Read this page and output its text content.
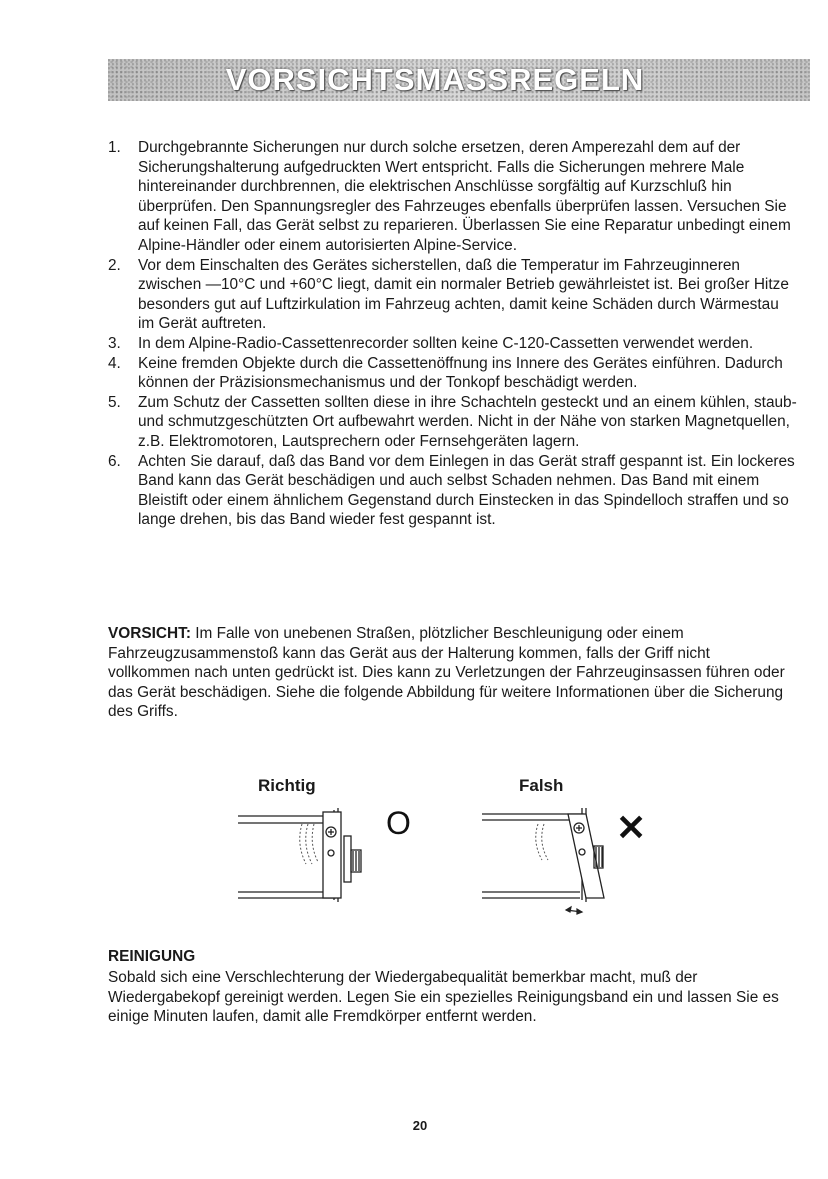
VORSICHTSMASSREGELN
1.	Durchgebrannte Sicherungen nur durch solche ersetzen, deren Amperezahl dem auf der Sicherungshalterung aufgedruckten Wert entspricht. Falls die Sicherungen mehrere Male hintereinander durchbrennen, die elektrischen Anschlüsse sorgfältig auf Kurzschluß hin überprüfen. Den Spannungsregler des Fahrzeuges ebenfalls überprüfen lassen. Versuchen Sie auf keinen Fall, das Gerät selbst zu reparieren. Überlassen Sie eine Reparatur unbedingt einem Alpine-Händler oder einem autorisierten Alpine-Service.
2.	Vor dem Einschalten des Gerätes sicherstellen, daß die Temperatur im Fahrzeuginneren zwischen —10°C und +60°C liegt, damit ein normaler Betrieb gewährleistet ist. Bei großer Hitze besonders gut auf Luftzirkulation im Fahrzeug achten, damit keine Schäden durch Wärmestau im Gerät auftreten.
3.	In dem Alpine-Radio-Cassettenrecorder sollten keine C-120-Cassetten verwendet werden.
4.	Keine fremden Objekte durch die Cassettenöffnung ins Innere des Gerätes einführen. Dadurch können der Präzisionsmechanismus und der Tonkopf beschädigt werden.
5.	Zum Schutz der Cassetten sollten diese in ihre Schachteln gesteckt und an einem kühlen, staub- und schmutzgeschützten Ort aufbewahrt werden. Nicht in der Nähe von starken Magnetquellen, z.B. Elektromotoren, Lautsprechern oder Fernsehgeräten lagern.
6.	Achten Sie darauf, daß das Band vor dem Einlegen in das Gerät straff gespannt ist. Ein lockeres Band kann das Gerät beschädigen und auch selbst Schaden nehmen. Das Band mit einem Bleistift oder einem ähnlichem Gegenstand durch Einstecken in das Spindelloch straffen und so lange drehen, bis das Band wieder fest gespannt ist.

VORSICHT: Im Falle von unebenen Straßen, plötzlicher Beschleunigung oder einem Fahrzeugzusammenstoß kann das Gerät aus der Halterung kommen, falls der Griff nicht vollkommen nach unten gedrückt ist. Dies kann zu Verletzungen der Fahrzeuginsassen führen oder das Gerät beschädigen. Siehe die folgende Abbildung für weitere Informationen über die Sicherung des Griffs.

Richtig	Falsh
O	✕

REINIGUNG

Sobald sich eine Verschlechterung der Wiedergabequalität bemerkbar macht, muß der Wiedergabekopf gereinigt werden. Legen Sie ein spezielles Reinigungsband ein und lassen Sie es einige Minuten laufen, damit alle Fremdkörper entfernt werden.

20
